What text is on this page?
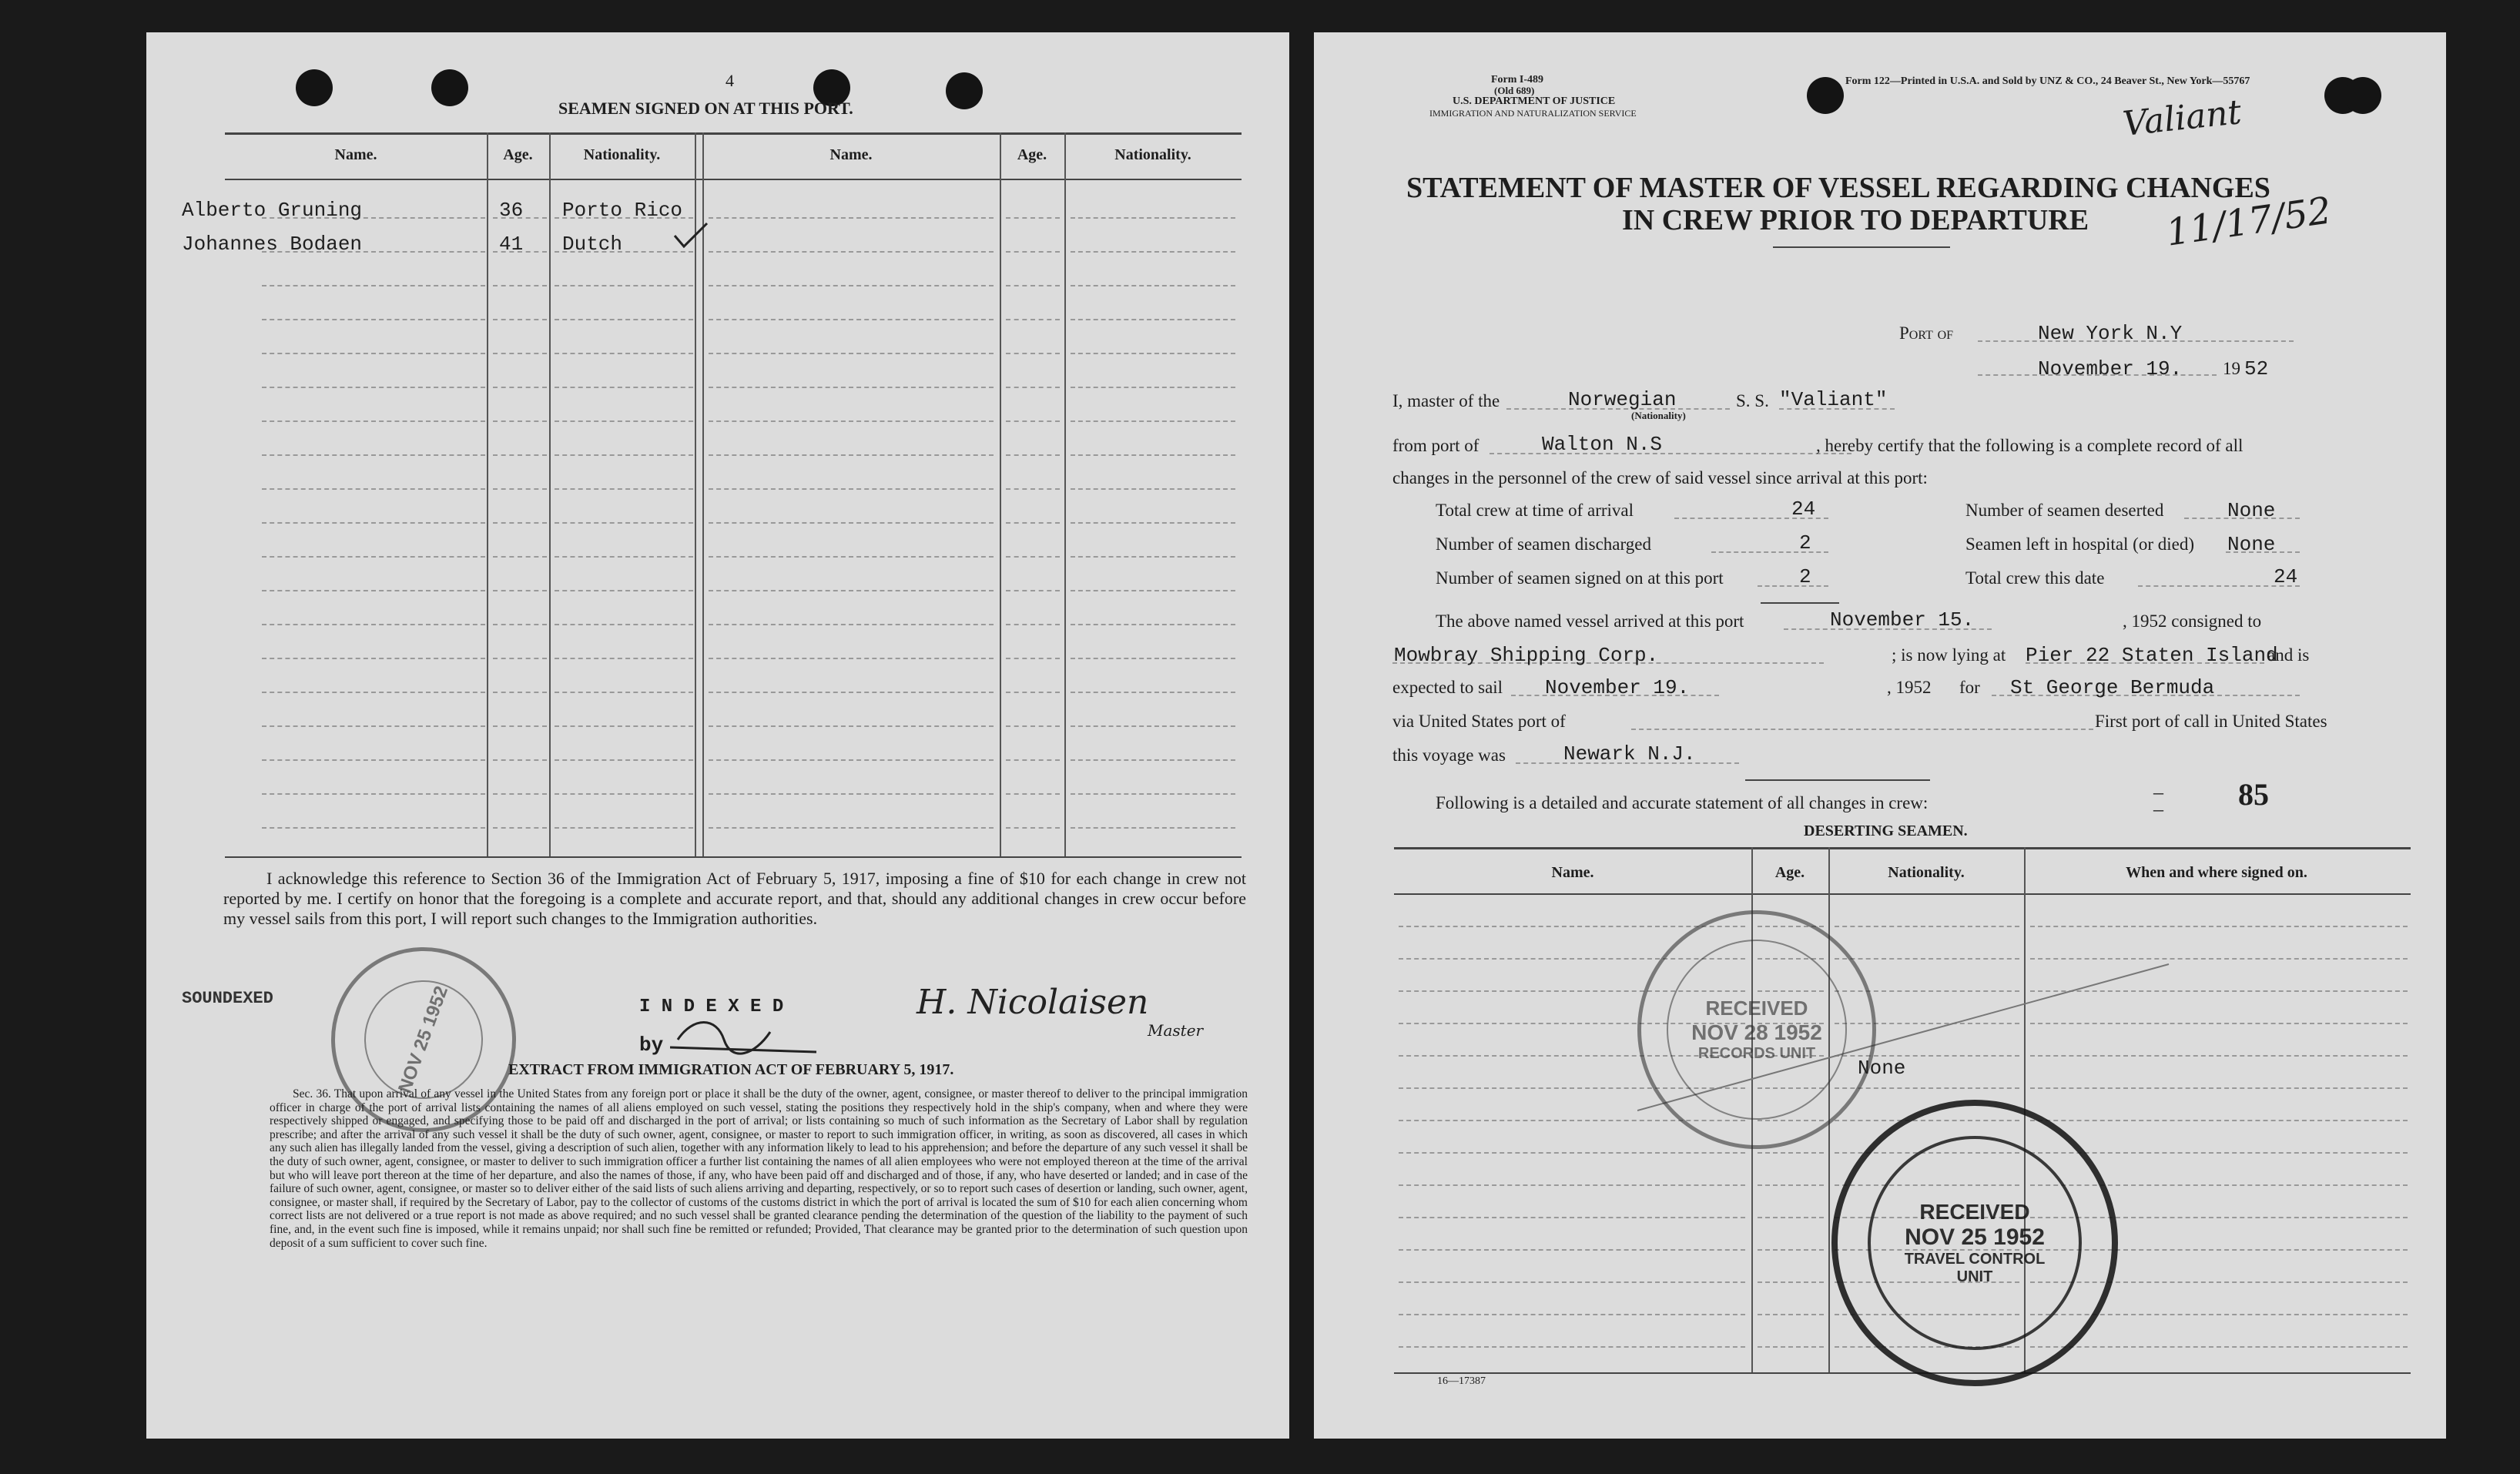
4
SEAMEN SIGNED ON AT THIS PORT.
Name.	Age.	Nationality.	Name.	Age.	Nationality.
Alberto Gruning	36 Porto Rico
Johannes Bodaen	41 Dutch
I acknowledge this reference to Section 36 of the Immigration Act of February 5, 1917, imposing a fine of $10 for each change in crew not reported by me. I certify on honor that the foregoing is a complete and accurate report, and that, should any additional changes in crew occur before my vessel sails from this port, I will report such changes to the Immigration authorities.
SOUNDEXED	I N D E X E D
by
H. Nicolaisen
Master
NOV 25 1952	EXTRACT FROM IMMIGRATION ACT OF FEBRUARY 5, 1917.
Sec. 36. That upon arrival of any vessel in the United States from any foreign port or place it shall be the duty of the owner, agent, consignee, or master thereof to deliver to the principal immigration officer in charge of the port of arrival lists containing the names of all aliens employed on such vessel, stating the positions they respectively hold in the ship's company, when and where they were respectively shipped or engaged, and specifying those to be paid off and discharged in the port of arrival; or lists containing so much of such information as the Secretary of Labor shall by regulation prescribe; and after the arrival of any such vessel it shall be the duty of such owner, agent, consignee, or master to report to such immigration officer, in writing, as soon as discovered, all cases in which any such alien has illegally landed from the vessel, giving a description of such alien, together with any information likely to lead to his apprehension; and before the departure of any such vessel it shall be the duty of such owner, agent, consignee, or master to deliver to such immigration officer a further list containing the names of all alien employees who were not employed thereon at the time of the arrival but who will leave port thereon at the time of her departure, and also the names of those, if any, who have been paid off and discharged and of those, if any, who have deserted or landed; and in case of the failure of such owner, agent, consignee, or master so to deliver either of the said lists of such aliens arriving and departing, respectively, or so to report such cases of desertion or landing, such owner, agent, consignee, or master shall, if required by the Secretary of Labor, pay to the collector of customs of the customs district in which the port of arrival is located the sum of $10 for each alien concerning whom correct lists are not delivered or a true report is not made as above required; and no such vessel shall be granted clearance pending the determination of the question of the liability to the payment of such fine, and, in the event such fine is imposed, while it remains unpaid; nor shall such fine be remitted or refunded; Provided, That clearance may be granted prior to the determination of such question upon deposit of a sum sufficient to cover such fine.
Form I-489
(Old 689)
U.S. DEPARTMENT OF JUSTICE
IMMIGRATION AND NATURALIZATION SERVICE
Form 122—Printed in U.S.A. and Sold by UNZ & CO., 24 Beaver St., New York—55767
Valiant
11/17/52
STATEMENT OF MASTER OF VESSEL REGARDING CHANGES
IN CREW PRIOR TO DEPARTURE
Port of	New York N.Y
November 19. 19 52
I, master of the	Norwegian
(Nationality)
S. S. "Valiant"
from port of	Walton N.S	, hereby certify that the following is a complete record of all
changes in the personnel of the crew of said vessel since arrival at this port:
Total crew at time of arrival	24
Number of seamen discharged	2
Number of seamen signed on at this port	2
Number of seamen deserted	None
Seamen left in hospital (or died) None
Total crew this date	24
The above named vessel arrived at this port	November 15.	, 1952 consigned to
Mowbray Shipping Corp.	; is now lying at Pier 22 Staten Island
and is
expected to sail November 19.	, 1952 for St George Bermuda
via United States port of	First port of call in United States
this voyage was	Newark N.J.
Following is a detailed and accurate statement of all changes in crew:	–
– 85
DESERTING SEAMEN.
Name.	Age.	Nationality.	When and where signed on.
None
RECEIVED
NOV 28 1952
RECORDS UNIT
RECEIVED
NOV 25 1952
TRAVEL CONTROL UNIT
16—17387
